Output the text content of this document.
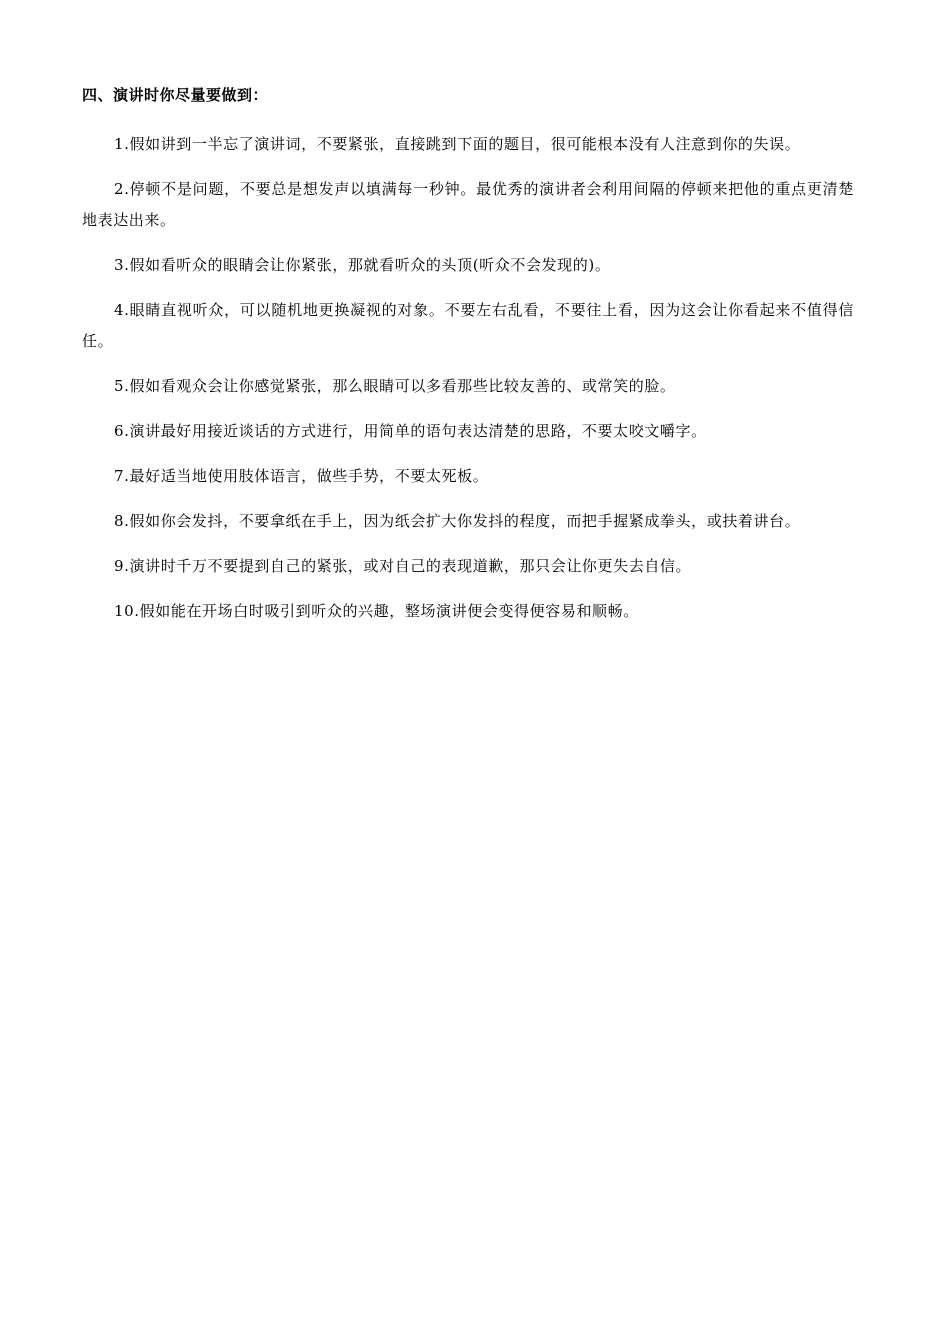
四、演讲时你尽量要做到：

1.假如讲到一半忘了演讲词，不要紧张，直接跳到下面的题目，很可能根本没有人注意到你的失误。

2.停顿不是问题，不要总是想发声以填满每一秒钟。最优秀的演讲者会利用间隔的停顿来把他的重点更清楚地表达出来。

3.假如看听众的眼睛会让你紧张，那就看听众的头顶(听众不会发现的)。

4.眼睛直视听众，可以随机地更换凝视的对象。不要左右乱看，不要往上看，因为这会让你看起来不值得信任。

5.假如看观众会让你感觉紧张，那么眼睛可以多看那些比较友善的、或常笑的脸。

6.演讲最好用接近谈话的方式进行，用简单的语句表达清楚的思路，不要太咬文嚼字。

7.最好适当地使用肢体语言，做些手势，不要太死板。

8.假如你会发抖，不要拿纸在手上，因为纸会扩大你发抖的程度，而把手握紧成拳头，或扶着讲台。

9.演讲时千万不要提到自己的紧张，或对自己的表现道歉，那只会让你更失去自信。

10.假如能在开场白时吸引到听众的兴趣，整场演讲便会变得便容易和顺畅。
